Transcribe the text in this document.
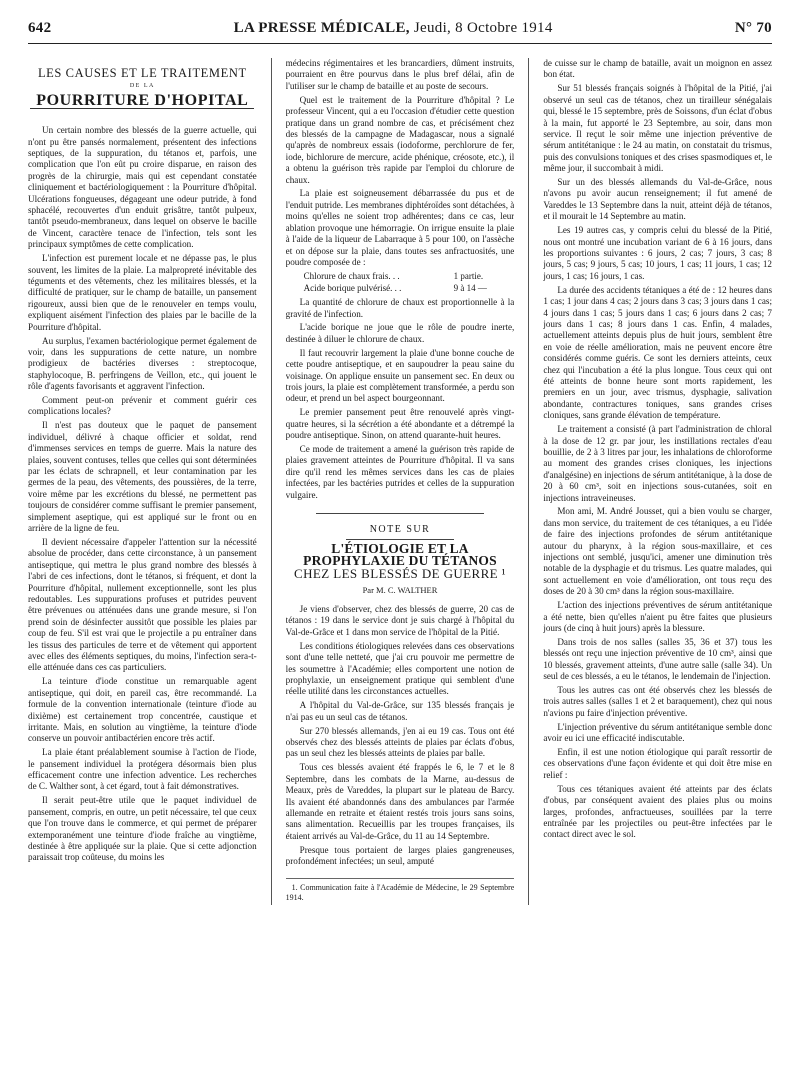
642	LA PRESSE MÉDICALE, Jeudi, 8 Octobre 1914	N° 70
LES CAUSES ET LE TRAITEMENT
DE LA
POURRITURE D'HOPITAL

Un certain nombre des blessés de la guerre actuelle, qui n'ont pu être pansés normalement, présentent des infections septiques, de la suppuration, du tétanos et, parfois, une complication que l'on eût pu croire disparue, en raison des progrès de la chirurgie, mais qui est cependant constatée cliniquement et bactériologiquement : la Pourriture d'hôpital. Ulcérations fongueuses, dégageant une odeur putride, à fond sphacélé, recouvertes d'un enduit grisâtre, tantôt pulpeux, tantôt pseudo-membraneux, dans lequel on observe le bacille de Vincent, caractère tenace de l'infection, tels sont les principaux symptômes de cette complication.

L'infection est purement locale et ne dépasse pas, le plus souvent, les limites de la plaie. La malpropreté inévitable des téguments et des vêtements, chez les militaires blessés, et la difficulté de pratiquer, sur le champ de bataille, un pansement rigoureux, aussi bien que de le renouveler en temps voulu, expliquent aisément l'infection des plaies par le bacille de la Pourriture d'hôpital.

Au surplus, l'examen bactériologique permet également de voir, dans les suppurations de cette nature, un nombre prodigieux de bactéries diverses : streptocoque, staphylocoque, B. perfringens de Veillon, etc., qui jouent le rôle d'agents favorisants et aggravent l'infection.

Comment peut-on prévenir et comment guérir ces complications locales?

Il n'est pas douteux que le paquet de pansement individuel, délivré à chaque officier et soldat, rend d'immenses services en temps de guerre. Mais la nature des plaies, souvent contuses, telles que celles qui sont déterminées par les éclats de schrapnell, et leur contamination par les germes de la peau, des vêtements, des poussières, de la terre, voire même par les excrétions du blessé, ne permettent pas toujours de considérer comme suffisant le premier pansement, simplement aseptique, qui est appliqué sur le front ou en arrière de la ligne de feu.

Il devient nécessaire d'appeler l'attention sur la nécessité absolue de procéder, dans cette circonstance, à un pansement antiseptique, qui mettra le plus grand nombre des blessés à l'abri de ces infections, dont le tétanos, si fréquent, et dont la Pourriture d'hôpital, nullement exceptionnelle, sont les plus redoutables. Les suppurations profuses et putrides peuvent être prévenues ou atténuées dans une grande mesure, si l'on prend soin de désinfecter aussitôt que possible les plaies par coup de feu. S'il est vrai que le projectile a pu entraîner dans les tissus des particules de terre et de vêtement qui apportent avec elles des éléments septiques, du moins, l'infection sera-t-elle atténuée dans ces cas particuliers.

La teinture d'iode constitue un remarquable agent antiseptique, qui doit, en pareil cas, être recommandé. La formule de la convention internationale (teinture d'iode au dixième) est certainement trop concentrée, caustique et irritante. Mais, en solution au vingtième, la teinture d'iode conserve un pouvoir antibactérien encore très actif.

La plaie étant préalablement soumise à l'action de l'iode, le pansement individuel la protégera désormais bien plus efficacement contre une infection adventice. Les recherches de C. Walther sont, à cet égard, tout à fait démonstratives.

Il serait peut-être utile que le paquet individuel de pansement, compris, en outre, un petit nécessaire, tel que ceux que l'on trouve dans le commerce, et qui permet de préparer extemporanément une teinture d'iode fraîche au vingtième, destinée à être appliquée sur la plaie. Que si cette adjonction paraissait trop coûteuse, du moins les

médecins régimentaires et les brancardiers, dûment instruits, pourraient en être pourvus dans le plus bref délai, afin de l'utiliser sur le champ de bataille et au poste de secours.

Quel est le traitement de la Pourriture d'hôpital ? Le professeur Vincent, qui a eu l'occasion d'étudier cette question pratique dans un grand nombre de cas, et précisément chez des blessés de la campagne de Madagascar, nous a signalé qu'après de nombreux essais (iodoforme, perchlorure de fer, iode, bichlorure de mercure, acide phénique, créosote, etc.), il a obtenu la guérison très rapide par l'emploi du chlorure de chaux.

La plaie est soigneusement débarrassée du pus et de l'enduit putride. Les membranes diphtéroïdes sont détachées, à moins qu'elles ne soient trop adhérentes; dans ce cas, leur ablation provoque une hémorragie. On irrigue ensuite la plaie à l'aide de la liqueur de Labarraque à 5 pour 100, on l'assèche et on dépose sur la plaie, dans toutes ses anfractuosités, une poudre composée de :

Chlorure de chaux frais. . .	1 partie.
Acide borique pulvérisé. . .	9 à 14 —

La quantité de chlorure de chaux est proportionnelle à la gravité de l'infection.

L'acide borique ne joue que le rôle de poudre inerte, destinée à diluer le chlorure de chaux.

Il faut recouvrir largement la plaie d'une bonne couche de cette poudre antiseptique, et en saupoudrer la peau saine du voisinage. On applique ensuite un pansement sec. En deux ou trois jours, la plaie est complètement transformée, a perdu son odeur, et prend un bel aspect bourgeonnant.

Le premier pansement peut être renouvelé après vingt-quatre heures, si la sécrétion a été abondante et a détrempé la poudre antiseptique. Sinon, on attend quarante-huit heures.

Ce mode de traitement a amené la guérison très rapide de plaies gravement atteintes de Pourriture d'hôpital. Il va sans dire qu'il rend les mêmes services dans les cas de plaies infectées, par les bactéries putrides et celles de la suppuration vulgaire.

NOTE SUR
L'ÉTIOLOGIE ET LA PROPHYLAXIE DU TÉTANOS
CHEZ LES BLESSÉS DE GUERRE ¹
Par M. C. WALTHER

Je viens d'observer, chez des blessés de guerre, 20 cas de tétanos : 19 dans le service dont je suis chargé à l'hôpital du Val-de-Grâce et 1 dans mon service de l'hôpital de la Pitié.

Les conditions étiologiques relevées dans ces observations sont d'une telle netteté, que j'ai cru pouvoir me permettre de les soumettre à l'Académie; elles comportent une notion de prophylaxie, un enseignement pratique qui semblent d'une réelle utilité dans les circonstances actuelles.

A l'hôpital du Val-de-Grâce, sur 135 blessés français je n'ai pas eu un seul cas de tétanos.

Sur 270 blessés allemands, j'en ai eu 19 cas. Tous ont été observés chez des blessés atteints de plaies par éclats d'obus, pas un seul chez les blessés atteints de plaies par balle.

Tous ces blessés avaient été frappés le 6, le 7 et le 8 Septembre, dans les combats de la Marne, au-dessus de Meaux, près de Vareddes, la plupart sur le plateau de Barcy. Ils avaient été abandonnés dans des ambulances par l'armée allemande en retraite et étaient restés trois jours sans soins, sans alimentation. Recueillis par les troupes françaises, ils étaient arrivés au Val-de-Grâce, du 11 au 14 Septembre.

Presque tous portaient de larges plaies gangreneuses, profondément infectées; un seul, amputé

1. Communication faite à l'Académie de Médecine, le 29 Septembre 1914.

de cuisse sur le champ de bataille, avait un moignon en assez bon état.

Sur 51 blessés français soignés à l'hôpital de la Pitié, j'ai observé un seul cas de tétanos, chez un tirailleur sénégalais qui, blessé le 15 septembre, près de Soissons, d'un éclat d'obus à la main, fut apporté le 23 Septembre, au soir, dans mon service. Il reçut le soir même une injection préventive de sérum antitétanique : le 24 au matin, on constatait du trismus, puis des convulsions toniques et des crises spasmodiques et, le même jour, il succombait à midi.

Sur un des blessés allemands du Val-de-Grâce, nous n'avons pu avoir aucun renseignement; il fut amené de Vareddes le 13 Septembre dans la nuit, atteint déjà de tétanos, et il mourait le 14 Septembre au matin.

Les 19 autres cas, y compris celui du blessé de la Pitié, nous ont montré une incubation variant de 6 à 16 jours, dans les proportions suivantes : 6 jours, 2 cas; 7 jours, 3 cas; 8 jours, 5 cas; 9 jours, 5 cas; 10 jours, 1 cas; 11 jours, 1 cas; 12 jours, 1 cas; 16 jours, 1 cas.

La durée des accidents tétaniques a été de : 12 heures dans 1 cas; 1 jour dans 4 cas; 2 jours dans 3 cas; 3 jours dans 1 cas; 4 jours dans 1 cas; 5 jours dans 1 cas; 6 jours dans 2 cas; 7 jours dans 1 cas; 8 jours dans 1 cas. Enfin, 4 malades, actuellement atteints depuis plus de huit jours, semblent être en voie de réelle amélioration, mais ne peuvent encore être considérés comme guéris. Ce sont les derniers atteints, ceux chez qui l'incubation a été la plus longue. Tous ceux qui ont été atteints de bonne heure sont morts rapidement, les premiers en un jour, avec trismus, dysphagie, salivation abondante, contractures toniques, sans grandes crises cloniques, sans grande élévation de température.

Le traitement a consisté (à part l'administration de chloral à la dose de 12 gr. par jour, les instillations rectales d'eau bouillie, de 2 à 3 litres par jour, les inhalations de chloroforme au moment des grandes crises cloniques, les injections d'analgésine) en injections de sérum antitétanique, à la dose de 20 à 60 cm³, soit en injections sous-cutanées, soit en injections intraveineuses.

Mon ami, M. André Jousset, qui a bien voulu se charger, dans mon service, du traitement de ces tétaniques, a eu l'idée de faire des injections profondes de sérum antitétanique autour du pharynx, à la région sous-maxillaire, et ces injections ont semblé, jusqu'ici, amener une diminution très notable de la dysphagie et du trismus. Les quatre malades, qui sont actuellement en voie d'amélioration, ont tous reçu des doses de 20 à 30 cm³ dans la région sous-maxillaire.

L'action des injections préventives de sérum antitétanique a été nette, bien qu'elles n'aient pu être faites que plusieurs jours (de cinq à huit jours) après la blessure.

Dans trois de nos salles (salles 35, 36 et 37) tous les blessés ont reçu une injection préventive de 10 cm³, ainsi que 10 blessés, gravement atteints, d'une autre salle (salle 34). Un seul de ces blessés, a eu le tétanos, le lendemain de l'injection.

Tous les autres cas ont été observés chez les blessés de trois autres salles (salles 1 et 2 et baraquement), chez qui nous n'avions pu faire d'injection préventive.

L'injection préventive du sérum antitétanique semble donc avoir eu ici une efficacité indiscutable.

Enfin, il est une notion étiologique qui paraît ressortir de ces observations d'une façon évidente et qui doit être mise en relief :

Tous ces tétaniques avaient été atteints par des éclats d'obus, par conséquent avaient des plaies plus ou moins larges, profondes, anfractueuses, souillées par la terre entraînée par les projectiles ou peut-être infectées par le contact direct avec le sol.
